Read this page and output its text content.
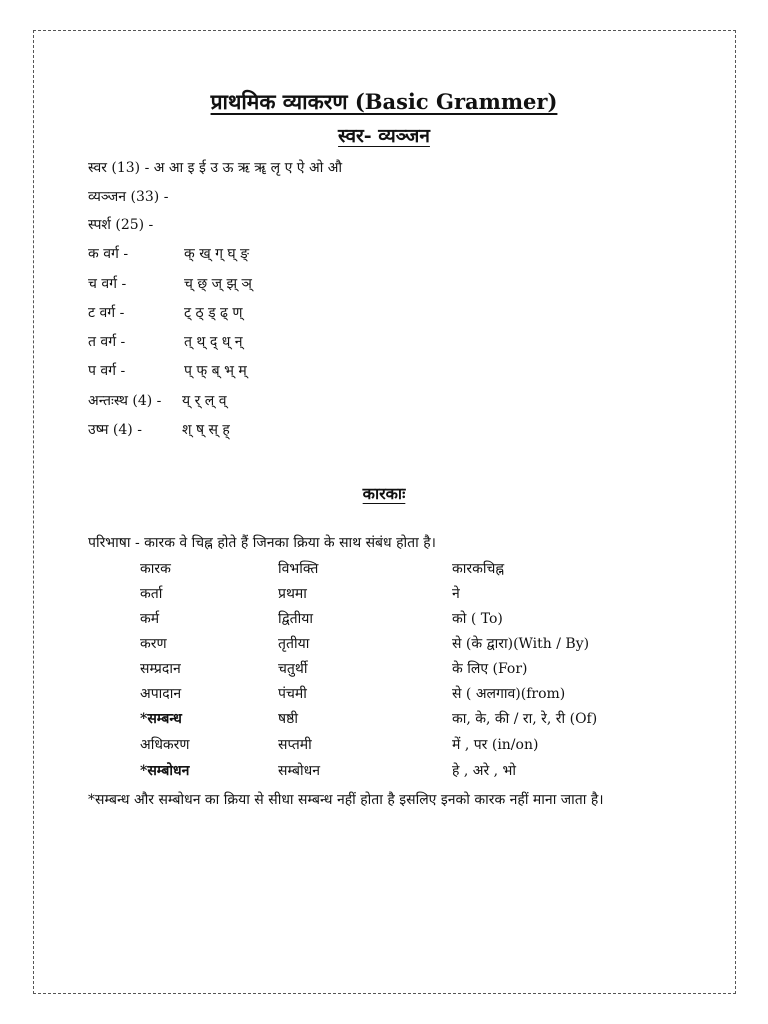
प्राथमिक व्याकरण (Basic Grammer)
स्वर- व्यञ्जन
स्वर (13) - अ आ इ ई उ ऊ ऋ ॠ लृ ए ऐ ओ औ
व्यञ्जन (33) -
स्पर्श (25) -
क वर्ग -	क् ख् ग् घ् ङ्
च वर्ग -	च् छ् ज् झ् ञ्
ट वर्ग -	ट् ठ् ड् ढ् ण्
त वर्ग -	त् थ् द् ध् न्
प वर्ग -	प् फ् ब् भ् म्
अन्तःस्थ (4) - य् र् ल् व्
उष्म (4) -	श् ष् स् ह्
कारकाः
परिभाषा - कारक वे चिह्न होते हैं जिनका क्रिया के साथ संबंध होता है।
कारक	विभक्ति	कारकचिह्न
कर्ता	प्रथमा	ने
कर्म	द्वितीया	को ( To)
करण	तृतीया	से (के द्वारा)(With / By)
सम्प्रदान	चतुर्थी	के लिए (For)
अपादान	पंचमी	से ( अलगाव)(from)
*सम्बन्ध	षष्ठी	का, के, की / रा, रे, री (Of)
अधिकरण	सप्तमी	में , पर (in/on)
*सम्बोधन	सम्बोधन	हे , अरे , भो
*सम्बन्ध और सम्बोधन का क्रिया से सीधा सम्बन्ध नहीं होता है इसलिए इनको कारक नहीं माना जाता है।
